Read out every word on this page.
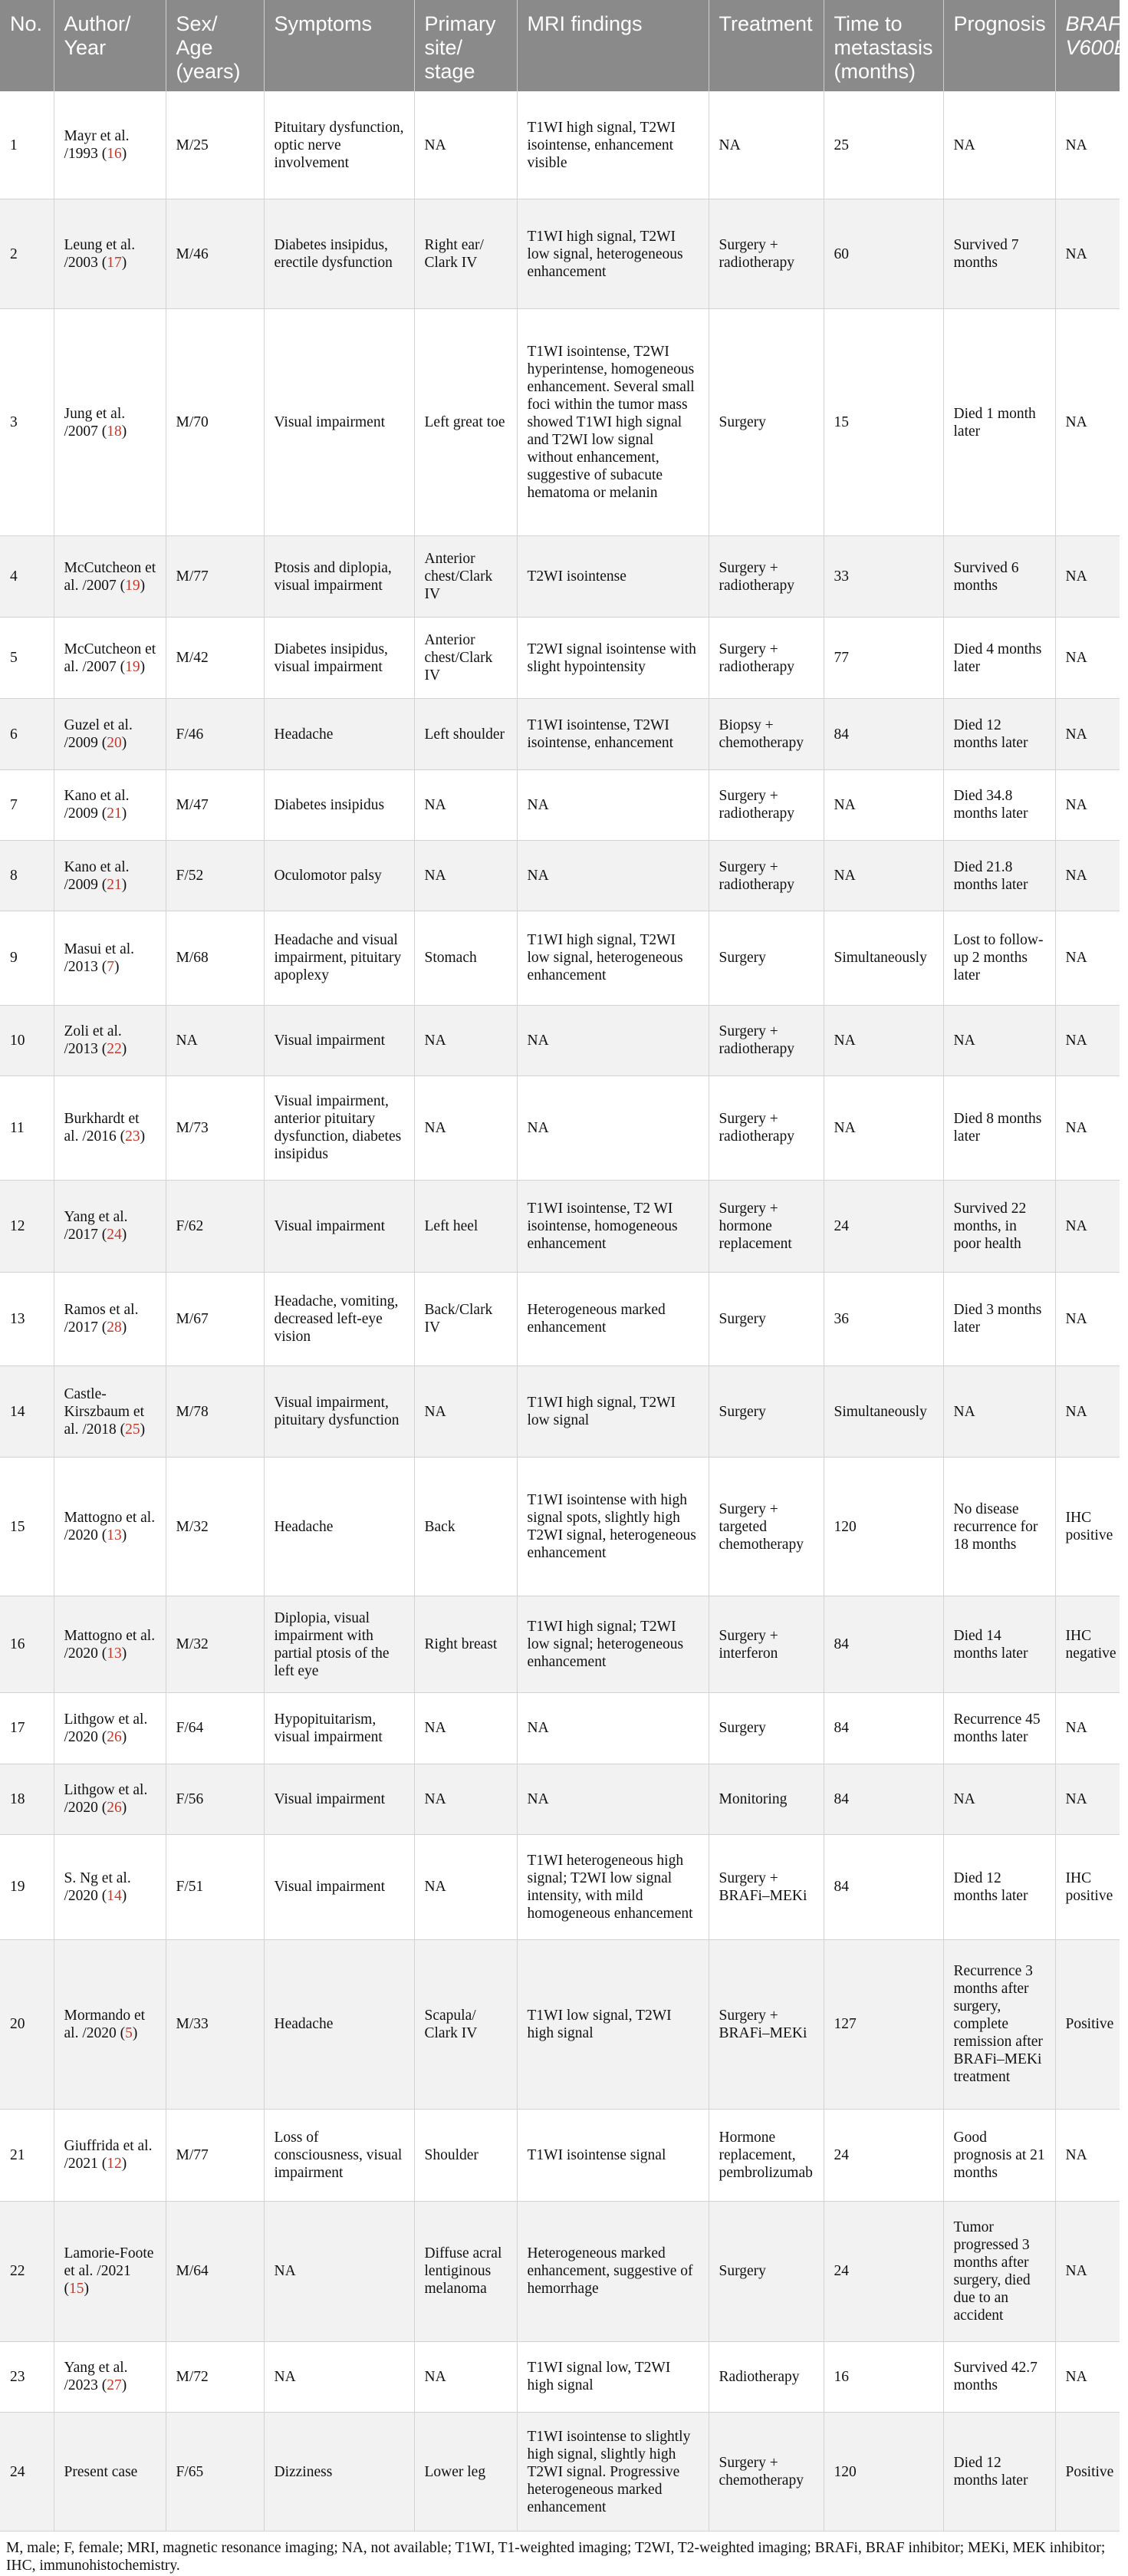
No.	Author/ Year	Sex/ Age (years)	Symptoms	Primary site/ stage	MRI findings	Treatment	Time to metastasis (months)	Prognosis	BRAF V600E
1	Mayr et al. /1993 (16)	M/25	Pituitary dysfunction, optic nerve involvement	NA	T1WI high signal, T2WI isointense, enhancement visible	NA	25	NA	NA
2	Leung et al. /2003 (17)	M/46	Diabetes insipidus, erectile dysfunction	Right ear/ Clark IV	T1WI high signal, T2WI low signal, heterogeneous enhancement	Surgery + radiotherapy	60	Survived 7 months	NA
3	Jung et al. /2007 (18)	M/70	Visual impairment	Left great toe	T1WI isointense, T2WI hyperintense, homogeneous enhancement. Several small foci within the tumor mass showed T1WI high signal and T2WI low signal without enhancement, suggestive of subacute hematoma or melanin	Surgery	15	Died 1 month later	NA
4	McCutcheon et al. /2007 (19)	M/77	Ptosis and diplopia, visual impairment	Anterior chest/Clark IV	T2WI isointense	Surgery + radiotherapy	33	Survived 6 months	NA
5	McCutcheon et al. /2007 (19)	M/42	Diabetes insipidus, visual impairment	Anterior chest/Clark IV	T2WI signal isointense with slight hypointensity	Surgery + radiotherapy	77	Died 4 months later	NA
6	Guzel et al. /2009 (20)	F/46	Headache	Left shoulder	T1WI isointense, T2WI isointense, enhancement	Biopsy + chemotherapy	84	Died 12 months later	NA
7	Kano et al. /2009 (21)	M/47	Diabetes insipidus	NA	NA	Surgery + radiotherapy	NA	Died 34.8 months later	NA
8	Kano et al. /2009 (21)	F/52	Oculomotor palsy	NA	NA	Surgery + radiotherapy	NA	Died 21.8 months later	NA
9	Masui et al. /2013 (7)	M/68	Headache and visual impairment, pituitary apoplexy	Stomach	T1WI high signal, T2WI low signal, heterogeneous enhancement	Surgery	Simultaneously	Lost to follow-up 2 months later	NA
10	Zoli et al. /2013 (22)	NA	Visual impairment	NA	NA	Surgery + radiotherapy	NA	NA	NA
11	Burkhardt et al. /2016 (23)	M/73	Visual impairment, anterior pituitary dysfunction, diabetes insipidus	NA	NA	Surgery + radiotherapy	NA	Died 8 months later	NA
12	Yang et al. /2017 (24)	F/62	Visual impairment	Left heel	T1WI isointense, T2 WI isointense, homogeneous enhancement	Surgery + hormone replacement	24	Survived 22 months, in poor health	NA
13	Ramos et al. /2017 (28)	M/67	Headache, vomiting, decreased left-eye vision	Back/Clark IV	Heterogeneous marked enhancement	Surgery	36	Died 3 months later	NA
14	Castle-Kirszbaum et al. /2018 (25)	M/78	Visual impairment, pituitary dysfunction	NA	T1WI high signal, T2WI low signal	Surgery	Simultaneously	NA	NA
15	Mattogno et al. /2020 (13)	M/32	Headache	Back	T1WI isointense with high signal spots, slightly high T2WI signal, heterogeneous enhancement	Surgery + targeted chemotherapy	120	No disease recurrence for 18 months	IHC positive
16	Mattogno et al. /2020 (13)	M/32	Diplopia, visual impairment with partial ptosis of the left eye	Right breast	T1WI high signal; T2WI low signal; heterogeneous enhancement	Surgery + interferon	84	Died 14 months later	IHC negative
17	Lithgow et al. /2020 (26)	F/64	Hypopituitarism, visual impairment	NA	NA	Surgery	84	Recurrence 45 months later	NA
18	Lithgow et al. /2020 (26)	F/56	Visual impairment	NA	NA	Monitoring	84	NA	NA
19	S. Ng et al. /2020 (14)	F/51	Visual impairment	NA	T1WI heterogeneous high signal; T2WI low signal intensity, with mild homogeneous enhancement	Surgery + BRAFi–MEKi	84	Died 12 months later	IHC positive
20	Mormando et al. /2020 (5)	M/33	Headache	Scapula/ Clark IV	T1WI low signal, T2WI high signal	Surgery + BRAFi–MEKi	127	Recurrence 3 months after surgery, complete remission after BRAFi–MEKi treatment	Positive
21	Giuffrida et al. /2021 (12)	M/77	Loss of consciousness, visual impairment	Shoulder	T1WI isointense signal	Hormone replacement, pembrolizumab	24	Good prognosis at 21 months	NA
22	Lamorie-Foote et al. /2021 (15)	M/64	NA	Diffuse acral lentiginous melanoma	Heterogeneous marked enhancement, suggestive of hemorrhage	Surgery	24	Tumor progressed 3 months after surgery, died due to an accident	NA
23	Yang et al. /2023 (27)	M/72	NA	NA	T1WI signal low, T2WI high signal	Radiotherapy	16	Survived 42.7 months	NA
24	Present case	F/65	Dizziness	Lower leg	T1WI isointense to slightly high signal, slightly high T2WI signal. Progressive heterogeneous marked enhancement	Surgery + chemotherapy	120	Died 12 months later	Positive
M, male; F, female; MRI, magnetic resonance imaging; NA, not available; T1WI, T1-weighted imaging; T2WI, T2-weighted imaging; BRAFi, BRAF inhibitor; MEKi, MEK inhibitor; IHC, immunohistochemistry.
